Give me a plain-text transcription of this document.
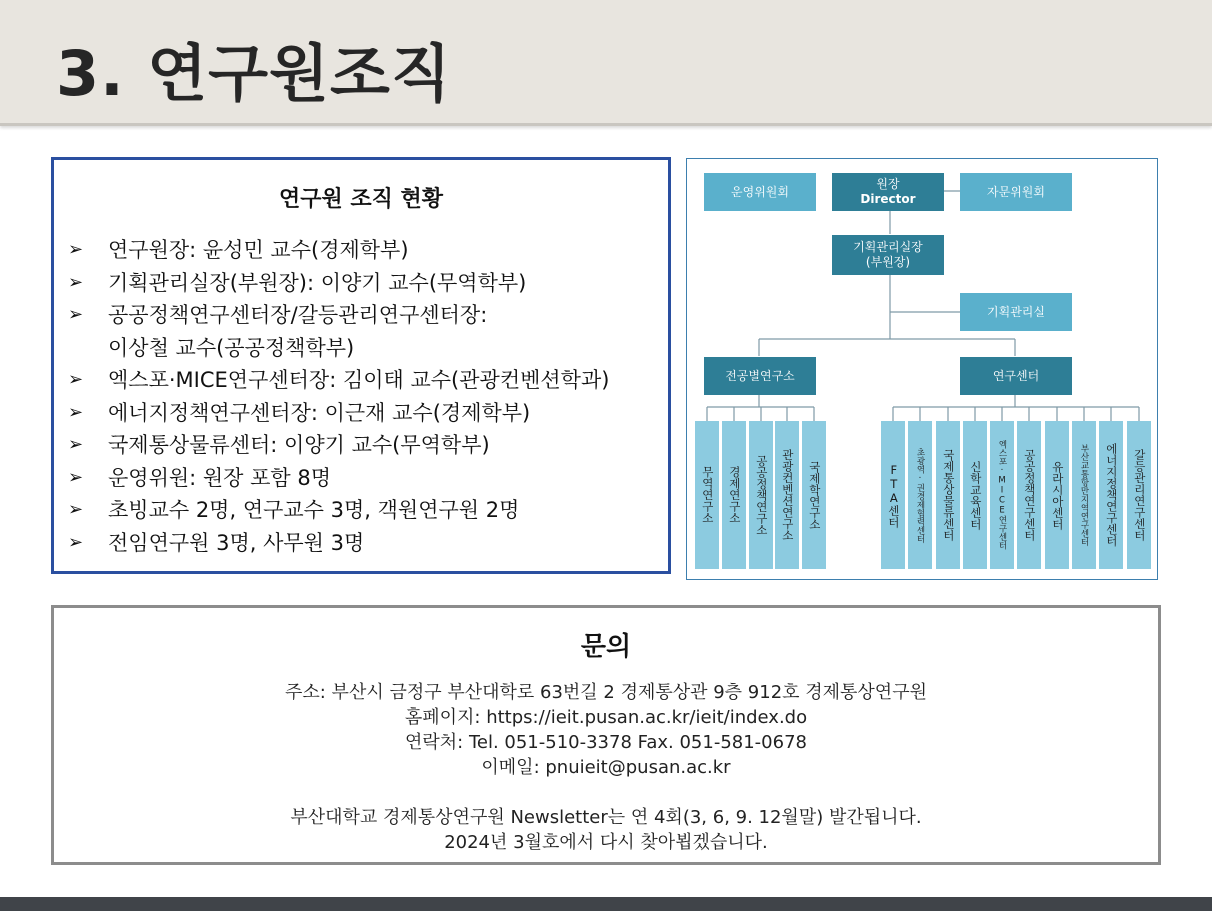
3. 연구원조직
연구원 조직 현황
➢ 연구원장: 윤성민 교수(경제학부)
➢ 기획관리실장(부원장): 이양기 교수(무역학부)
➢ 공공정책연구센터장/갈등관리연구센터장:
이상철 교수(공공정책학부)
➢ 엑스포·MICE연구센터장: 김이태 교수(관광컨벤션학과)
➢ 에너지정책연구센터장: 이근재 교수(경제학부)
➢ 국제통상물류센터: 이양기 교수(무역학부)
➢ 운영위원: 원장 포함 8명
➢ 초빙교수 2명, 연구교수 3명, 객원연구원 2명
➢ 전임연구원 3명, 사무원 3명
운영위원회
원장
Director
자문위원회
기획관리실장
(부원장)
기획관리실
전공별연구소	연구센터
무역연구소	경제연구소	공공정책연구소	관광컨벤션연구소	국제학연구소	FTA센터	초광역·권경제협력센터	국제통상물류센터	신학교육센터	엑스포·MICE연구센터	공공정책연구센터	유라시아센터	부산교통항만지역연구센터	에너지정책연구센터	갈등관리연구센터
문의
주소: 부산시 금정구 부산대학로 63번길 2 경제통상관 9층 912호 경제통상연구원
홈페이지: https://ieit.pusan.ac.kr/ieit/index.do
연락처: Tel. 051-510-3378 Fax. 051-581-0678
이메일: pnuieit@pusan.ac.kr
부산대학교 경제통상연구원 Newsletter는 연 4회(3, 6, 9. 12월말) 발간됩니다.
2024년 3월호에서 다시 찾아뵙겠습니다.
